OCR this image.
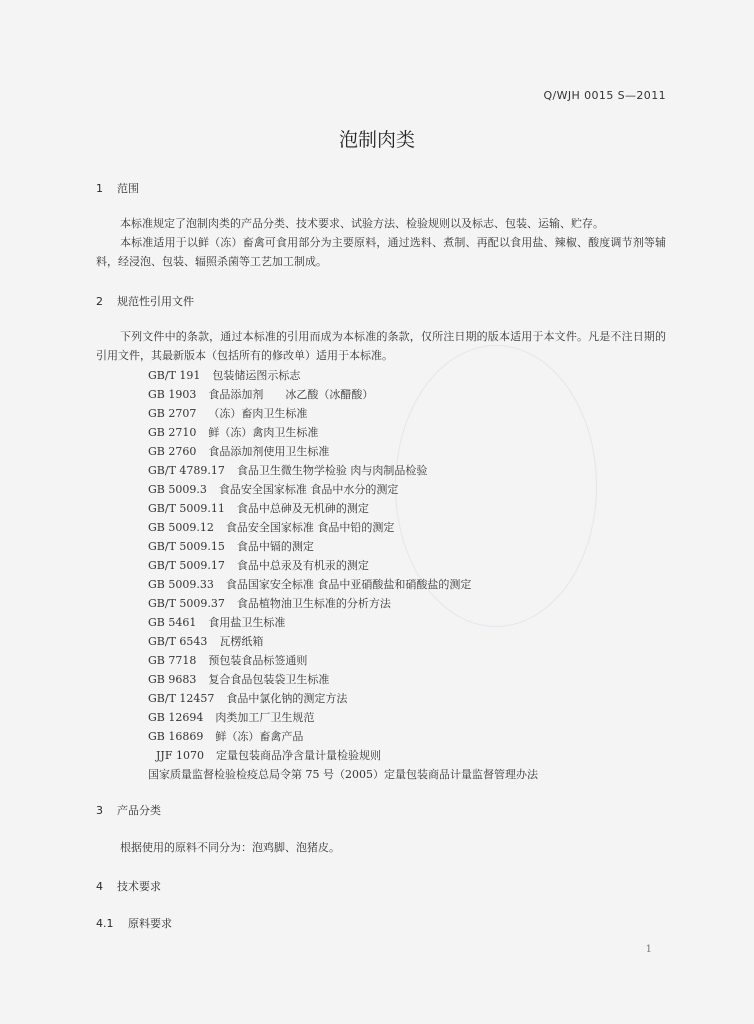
Q/WJH 0015 S—2011
泡制肉类
1 范围

本标准规定了泡制肉类的产品分类、技术要求、试验方法、检验规则以及标志、包装、运输、贮存。

本标准适用于以鲜（冻）畜禽可食用部分为主要原料，通过选料、煮制、再配以食用盐、辣椒、酸度调节剂等辅料，经浸泡、包装、辐照杀菌等工艺加工制成。

2 规范性引用文件

下列文件中的条款，通过本标准的引用而成为本标准的条款，仅所注日期的版本适用于本文件。凡是不注日期的引用文件，其最新版本（包括所有的修改单）适用于本标准。

GB/T 191 包装储运图示标志
GB 1903 食品添加剂　　冰乙酸（冰醋酸）
GB 2707 （冻）畜肉卫生标准
GB 2710 鲜（冻）禽肉卫生标准
GB 2760 食品添加剂使用卫生标准
GB/T 4789.17 食品卫生微生物学检验 肉与肉制品检验
GB 5009.3 食品安全国家标准 食品中水分的测定
GB/T 5009.11 食品中总砷及无机砷的测定
GB 5009.12 食品安全国家标准 食品中铅的测定
GB/T 5009.15 食品中镉的测定
GB/T 5009.17 食品中总汞及有机汞的测定
GB 5009.33 食品国家安全标准 食品中亚硝酸盐和硝酸盐的测定
GB/T 5009.37 食品植物油卫生标准的分析方法
GB 5461 食用盐卫生标准
GB/T 6543 瓦楞纸箱
GB 7718 预包装食品标签通则
GB 9683 复合食品包装袋卫生标准
GB/T 12457 食品中氯化钠的测定方法
GB 12694 肉类加工厂卫生规范
GB 16869 鲜（冻）畜禽产品
JJF 1070 定量包装商品净含量计量检验规则
国家质量监督检验检疫总局令第 75 号（2005）定量包装商品计量监督管理办法
3 产品分类

根据使用的原料不同分为：泡鸡脚、泡猪皮。

4 技术要求
4.1 原料要求
1
